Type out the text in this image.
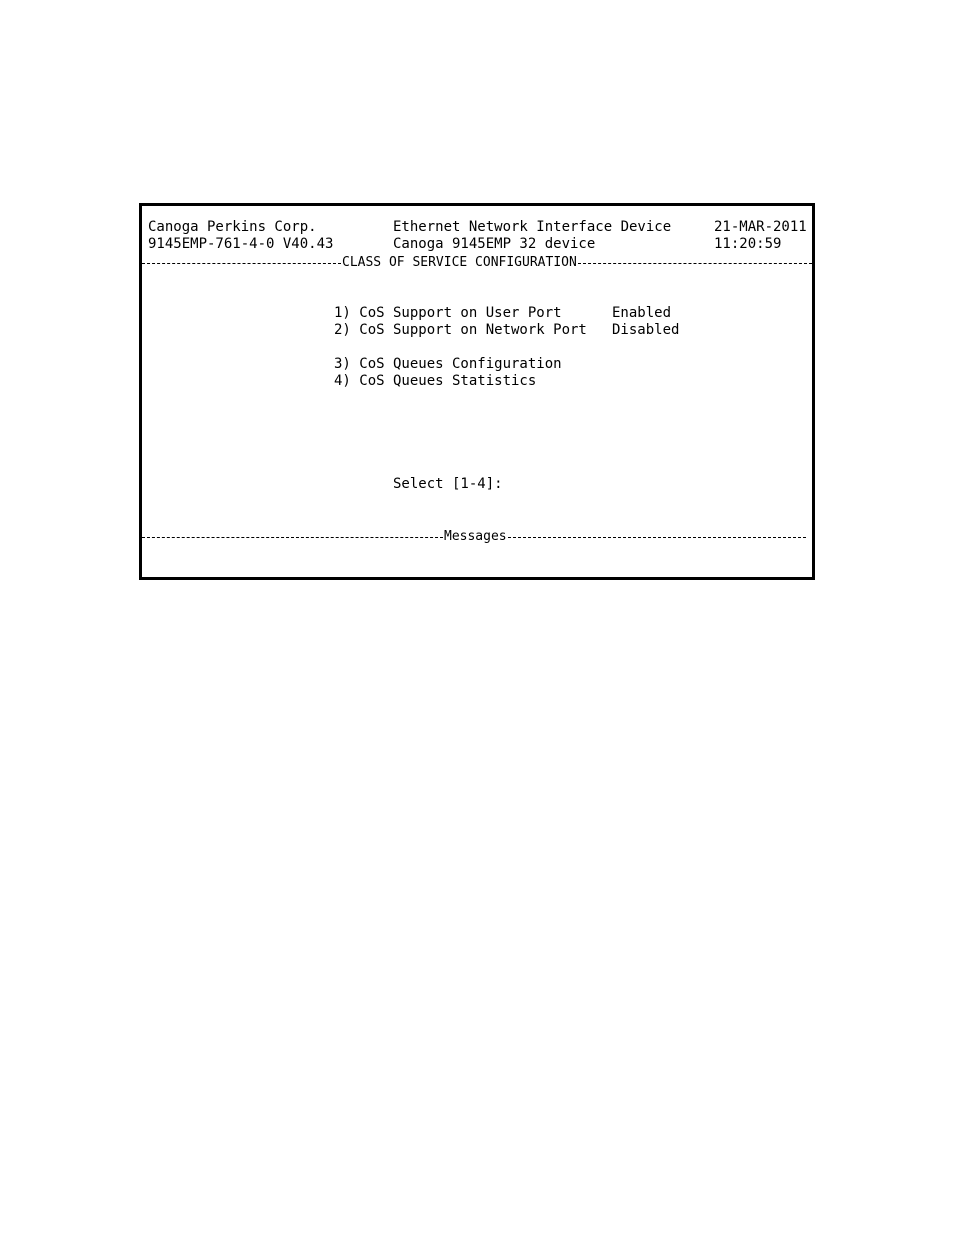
Canoga Perkins Corp.	Ethernet Network Interface Device	21-MAR-2011
9145EMP-761-4-0 V40.43	Canoga 9145EMP 32 device	11:20:59
CLASS OF SERVICE CONFIGURATION
1) CoS Support on User Port	Enabled
2) CoS Support on Network Port Disabled
3) CoS Queues Configuration
4) CoS Queues Statistics
Select [1-4]:
Messages
